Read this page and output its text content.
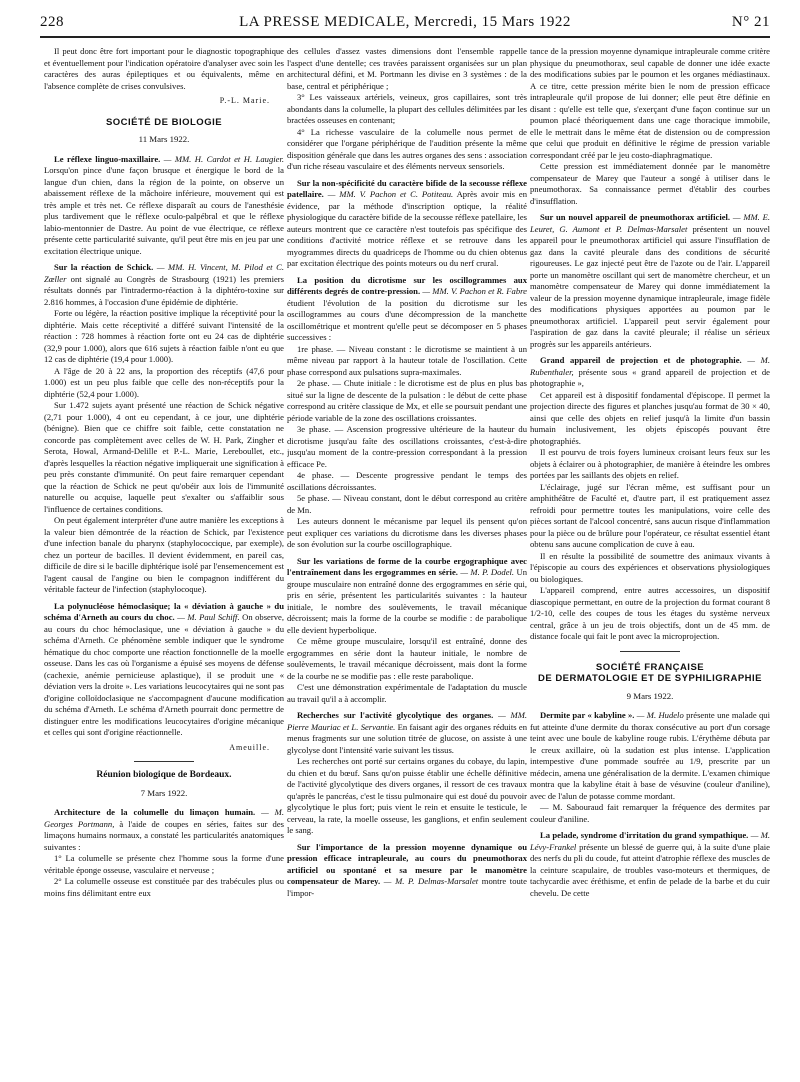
228	LA PRESSE MEDICALE, Mercredi, 15 Mars 1922	N° 21

Il peut donc être fort important pour le diagnostic topographique et éventuellement pour l'indication opératoire d'analyser avec soin les caractères des auras épileptiques et ou équivalents, même en l'absence complète de crises convulsives.

P.-L. Marie.
SOCIÉTÉ DE BIOLOGIE
11 Mars 1922.

Le réflexe linguo-maxillaire. — MM. H. Cardot et H. Laugier. Lorsqu'on pince d'une façon brusque et énergique le bord de la langue d'un chien, dans la région de la pointe, on observe un abaissement réflexe de la mâchoire inférieure, mouvement qui est très ample et très net. Ce réflexe disparaît au cours de l'anesthésie plus tardivement que le réflexe oculo-palpébral et que le réflexe labio-mentonnier de Dastre. Au point de vue électrique, ce réflexe présente cette particularité suivante, qu'il peut être mis en jeu par une excitation électrique unique.

Sur la réaction de Schick. — MM. H. Vincent, M. Pilod et C. Zœller ont signalé au Congrès de Strasbourg (1921) les premiers résultats donnés par l'intradermo-réaction à la diphtéro-toxine sur 2.816 hommes, à l'occasion d'une épidémie de diphtérie.

Forte ou légère, la réaction positive implique la réceptivité pour la diphtérie. Mais cette réceptivité a différé suivant l'intensité de la réaction : 728 hommes à réaction forte ont eu 24 cas de diphtérie (32,9 pour 1.000), alors que 616 sujets à réaction faible n'ont eu que 12 cas de diphtérie (19,4 pour 1.000).

A l'âge de 20 à 22 ans, la proportion des réceptifs (47,6 pour 1.000) est un peu plus faible que celle des non-réceptifs pour la diphtérie (52,4 pour 1.000).

Sur 1.472 sujets ayant présenté une réaction de Schick négative (2,71 pour 1.000), 4 ont eu cependant, à ce jour, une diphtérie (bénigne). Bien que ce chiffre soit faible, cette constatation ne concorde pas complètement avec celles de W. H. Park, Zingher et Serota, Howal, Armand-Delille et P.-L. Marie, Lereboullet, etc., d'après lesquelles la réaction négative impliquerait une signification à peu près constante d'immunité. On peut faire remarquer cependant que la réaction de Schick ne peut qu'obéir aux lois de l'immunité naturelle ou acquise, laquelle peut s'exalter ou s'affaiblir sous l'influence de certaines conditions.

On peut également interpréter d'une autre manière les exceptions à la valeur bien démontrée de la réaction de Schick, par l'existence d'une infection banale du pharynx (staphylococcique, par exemple), chez un porteur de bacilles. Il devient évidemment, en pareil cas, difficile de dire si le bacille diphtérique isolé par l'ensemencement est l'agent causal de l'angine ou bien le compagnon indifférent du véritable facteur de l'infection (staphylocoque).

La polynucléose hémoclasique; la « déviation à gauche » du schéma d'Arneth au cours du choc. — M. Paul Schiff. On observe, au cours du choc hémoclasique, une « déviation à gauche » du schéma d'Arneth. Ce phénomène semble indiquer que le syndrome hématique du choc comporte une réaction fonctionnelle de la moelle osseuse. Dans les cas où l'organisme a épuisé ses moyens de défense (cachexie, anémie pernicieuse aplastique), il se produit une « déviation vers la droite ». Les variations leucocytaires qui ne sont pas d'origine colloïdoclasique ne s'accompagnent d'aucune modification du schéma d'Arneth. Le schéma d'Arneth pourrait donc permettre de distinguer entre les modifications leucocytaires d'origine mécanique et celles qui sont d'origine réactionnelle.

Ameuille.
Réunion biologique de Bordeaux.
7 Mars 1922.

Architecture de la columelle du limaçon humain. — M. Georges Portmann, à l'aide de coupes en séries, faites sur des limaçons humains normaux, a constaté les particularités anatomiques suivantes :

1° La columelle se présente chez l'homme sous la forme d'une véritable éponge osseuse, vasculaire et nerveuse ;

2° La columelle osseuse est constituée par des trabécules plus ou moins fins délimitant entre eux

des cellules d'assez vastes dimensions dont l'ensemble rappelle l'aspect d'une dentelle; ces travées paraissent organisées sur un plan architectural défini, et M. Portmann les divise en 3 systèmes : de la base, central et périphérique ;

3° Les vaisseaux artériels, veineux, gros capillaires, sont très abondants dans la columelle, la plupart des cellules délimitées par les bractées osseuses en contenant;

4° La richesse vasculaire de la columelle nous permet de considérer que l'organe périphérique de l'audition présente la même disposition générale que dans les autres organes des sens : association d'un riche réseau vasculaire et des éléments nerveux sensoriels.

Sur la non-spécificité du caractère bifide de la secousse réflexe patellaire. — MM. V. Pachon et C. Potiteau. Après avoir mis en évidence, par la méthode d'inscription optique, la réalité physiologique du caractère bifide de la secousse réflexe patellaire, les auteurs montrent que ce caractère n'est toutefois pas spécifique des conditions d'activité motrice réflexe et se retrouve dans les myogrammes directs du quadriceps de l'homme ou du chien obtenus par excitation électrique des points moteurs ou du nerf crural.

La position du dicrotisme sur les oscillogrammes aux différents degrés de contre-pression. — MM. V. Pachon et R. Fabre étudient l'évolution de la position du dicrotisme sur les oscillogrammes au cours d'une décompression de la manchette oscillométrique et montrent qu'elle peut se décomposer en 5 phases successives :

1re phase. — Niveau constant : le dicrotisme se maintient à un même niveau par rapport à la hauteur totale de l'oscillation. Cette phase correspond aux pulsations supra-maximales.

2e phase. — Chute initiale : le dicrotisme est de plus en plus bas situé sur la ligne de descente de la pulsation : le début de cette phase correspond au critère classique de Mx, et elle se poursuit pendant une période variable de la zone des oscillations croissantes.

3e phase. — Ascension progressive ultérieure de la hauteur du dicrotisme jusqu'au faîte des oscillations croissantes, c'est-à-dire jusqu'au moment de la contre-pression correspondant à la pression efficace Pe.

4e phase. — Descente progressive pendant le temps des oscillations décroissantes.

5e phase. — Niveau constant, dont le début correspond au critère de Mn.

Les auteurs donnent le mécanisme par lequel ils pensent qu'on peut expliquer ces variations du dicrotisme dans les diverses phases de son évolution sur la courbe oscillographique.

Sur les variations de forme de la courbe ergographique avec l'entraînement dans les ergogrammes en série. — M. P. Dodel. Un groupe musculaire non entraîné donne des ergogrammes en série qui, pris en série, présentent les particularités suivantes : la hauteur initiale, le nombre des soulèvements, le travail mécanique décroissent; mais la forme de la courbe se modifie : de parabolique elle devient hyperbolique.

Ce même groupe musculaire, lorsqu'il est entraîné, donne des ergogrammes en série dont la hauteur initiale, le nombre de soulèvements, le travail mécanique décroissent, mais dont la forme de la courbe ne se modifie pas : elle reste parabolique.

C'est une démonstration expérimentale de l'adaptation du muscle au travail qu'il a à accomplir.

Recherches sur l'activité glycolytique des organes. — MM. Pierre Mauriac et L. Servantie. En faisant agir des organes réduits en menus fragments sur une solution titrée de glucose, on assiste à une glycolyse dont l'intensité varie suivant les tissus.

Les recherches ont porté sur certains organes du cobaye, du lapin, du chien et du bœuf. Sans qu'on puisse établir une échelle définitive de l'activité glycolytique des divers organes, il ressort de ces travaux qu'après le pancréas, c'est le tissu pulmonaire qui est doué du pouvoir glycolytique le plus fort; puis vient le rein et ensuite le testicule, le cerveau, la rate, la moelle osseuse, les ganglions, et enfin seulement le sang.

Sur l'importance de la pression moyenne dynamique ou pression efficace intrapleurale, au cours du pneumothorax artificiel ou spontané et sa mesure par le manomètre compensateur de Marey. — M. P. Delmas-Marsalet montre toute l'impor-

tance de la pression moyenne dynamique intrapleurale comme critère physique du pneumothorax, seul capable de donner une idée exacte des modifications subies par le poumon et les organes médiastinaux. A ce titre, cette pression mérite bien le nom de pression efficace intrapleurale qu'il propose de lui donner; elle peut être définie en disant : qu'elle est telle que, s'exerçant d'une façon continue sur un poumon placé théoriquement dans une cage thoracique immobile, elle le mettrait dans le même état de distension ou de compression que celui que produit en définitive le régime de pression variable correspondant créé par le jeu costo-diaphragmatique.

Cette pression est immédiatement donnée par le manomètre compensateur de Marey que l'auteur a songé à utiliser dans le pneumothorax. Sa connaissance permet d'établir des courbes d'insufflation.

Sur un nouvel appareil de pneumothorax artificiel. — MM. E. Leuret, G. Aumont et P. Delmas-Marsalet présentent un nouvel appareil pour le pneumothorax artificiel qui assure l'insufflation de gaz dans la cavité pleurale dans des conditions de sécurité rigoureuses. Le gaz injecté peut être de l'azote ou de l'air. L'appareil porte un manomètre oscillant qui sert de manomètre chercheur, et un manomètre compensateur de Marey qui donne immédiatement la valeur de la pression moyenne dynamique intrapleurale, image fidèle des modifications physiques apportées au poumon par le pneumothorax artificiel. L'appareil peut servir également pour l'aspiration de gaz dans la cavité pleurale; il réalise un sérieux progrès sur les appareils antérieurs.

Grand appareil de projection et de photographie. — M. Rubenthaler, présente sous « grand appareil de projection et de photographie »,

Cet appareil est à dispositif fondamental d'épiscope. Il permet la projection directe des figures et planches jusqu'au format de 30 × 40, ainsi que celle des objets en relief jusqu'à la limite d'un bassin humain inclusivement, les objets épiscopés pouvant être photographiés.

Il est pourvu de trois foyers lumineux croisant leurs feux sur les objets à éclairer ou à photographier, de manière à éteindre les ombres portées par les saillants des objets en relief.

L'éclairage, jugé sur l'écran même, est suffisant pour un amphithéâtre de Faculté et, d'autre part, il est pratiquement assez refroidi pour permettre toutes les manipulations, voire celle des pièces sortant de l'alcool concentré, sans aucun risque d'inflammation pour la pièce ou de brûlure pour l'opérateur, ce résultat essentiel étant obtenu sans aucune complication de cuve à eau.

Il en résulte la possibilité de soumettre des animaux vivants à l'épiscopie au cours des expériences et observations physiologiques ou biologiques.

L'appareil comprend, entre autres accessoires, un dispositif diascopique permettant, en outre de la projection du format courant 8 1/2-10, celle des coupes de tous les étages du système nerveux central, grâce à un jeu de trois objectifs, dont un de 45 mm. de distance focale qui fait le pont avec la microprojection.

SOCIÉTÉ FRANÇAISE
DE DERMATOLOGIE ET DE SYPHILIGRAPHIE
9 Mars 1922.

Dermite par « kabyline ». — M. Hudelo présente une malade qui fut atteinte d'une dermite du thorax consécutive au port d'un corsage teint avec une boule de kabyline rouge rubis. L'érythème débuta par le creux axillaire, où la sudation est plus intense. L'application intempestive d'une pommade soufrée au 1/9, prescrite par un médecin, amena une généralisation de la dermite. L'examen chimique montra que la kabyline était à base de vésuvine (couleur d'aniline), avec de l'alun de potasse comme mordant.

— M. Sabouraud fait remarquer la fréquence des dermites par couleur d'aniline.

La pelade, syndrome d'irritation du grand sympathique. — M. Lévy-Frankel présente un blessé de guerre qui, à la suite d'une plaie des nerfs du pli du coude, fut atteint d'atrophie réflexe des muscles de la ceinture scapulaire, de troubles vaso-moteurs et thermiques, de tachycardie avec éréthisme, et enfin de pelade de la barbe et du cuir chevelu. De cette
